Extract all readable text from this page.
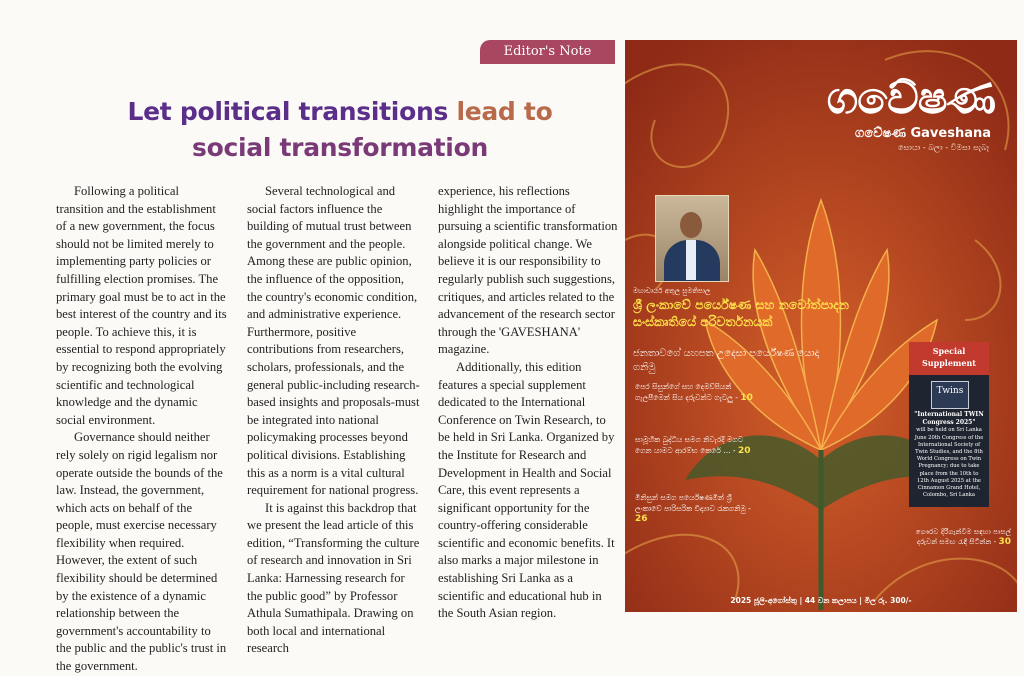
Editor's Note
Let political transitions lead to
social transformation

Following a political transition and the establishment of a new government, the focus should not be limited merely to implementing party policies or fulfilling election promises. The primary goal must be to act in the best interest of the country and its people. To achieve this, it is essential to respond appropriately by recognizing both the evolving scientific and technological knowledge and the dynamic social environment.

Governance should neither rely solely on rigid legalism nor operate outside the bounds of the law. Instead, the government, which acts on behalf of the people, must exercise necessary flexibility when required. However, the extent of such flexibility should be determined by the existence of a dynamic relationship between the government's accountability to the public and the public's trust in the government.

Several technological and social factors influence the building of mutual trust between the government and the people. Among these are public opinion, the influence of the opposition, the country's economic condition, and administrative experience. Furthermore, positive contributions from researchers, scholars, professionals, and the general public-including research-based insights and proposals-must be integrated into national policymaking processes beyond political divisions. Establishing this as a norm is a vital cultural requirement for national progress.

It is against this backdrop that we present the lead article of this edition, “Transforming the culture of research and innovation in Sri Lanka: Harnessing research for the public good” by Professor Athula Sumathipala. Drawing on both local and international research

experience, his reflections highlight the importance of pursuing a scientific transformation alongside political change. We believe it is our responsibility to regularly publish such suggestions, critiques, and articles related to the advancement of the research sector through the 'GAVESHANA' magazine.

Additionally, this edition features a special supplement dedicated to the International Conference on Twin Research, to be held in Sri Lanka. Organized by the Institute for Research and Development in Health and Social Care, this event represents a significant opportunity for the country-offering considerable scientific and economic benefits. It also marks a major milestone in establishing Sri Lanka as a scientific and educational hub in the South Asian region.

ගවේෂණ
ගවේෂණ Gaveshana
සොයා - බලා - විමසා සැබෑ
මහාචාර්ය අතුල සුමතිපාල
ශ්‍රී ලංකාවේ පර්යේෂණ සහ නවෝත්පාදන සංස්කෘතියේ පරිවර්තනයක්
ජනතාවගේ යහපත උදෙසා පර්යේෂණ යොදා ගනිමු
පෙර සිසුන්ගේ සහ දෙමව්පියන් ගැලපීමෙන් සිය දරුවන්ට ගැටලු - 10
සාමූහික බුද්ධිය සමග නිවැරදි මගට ගෙන යාමට ආරම්භ කෙරේ ... - 20
මිනිසුන් සමග පර්යේෂණමින් ශ්‍රී ලංකාවේ පාරිසරික විද්‍යාව රැකගනිමු - 26
Special Supplement
Twins
"International TWIN Congress 2025"
will be held on Sri Lanka June 20th Congress of the International Society of Twin Studies, and the 8th World Congress on Twin Pregnancy; due to take place from the 10th to 12th August 2025 at the Cinnamon Grand Hotel, Colombo, Sri Lanka
ගෞරව දිරිගැන්වීම සඳහා පාසල් දරුවන් සමඟ රැඳී සිටින්න - 30
2025 ජූලි-අගෝස්තු | 44 වන කලාපය | මිල රු. 300/-
